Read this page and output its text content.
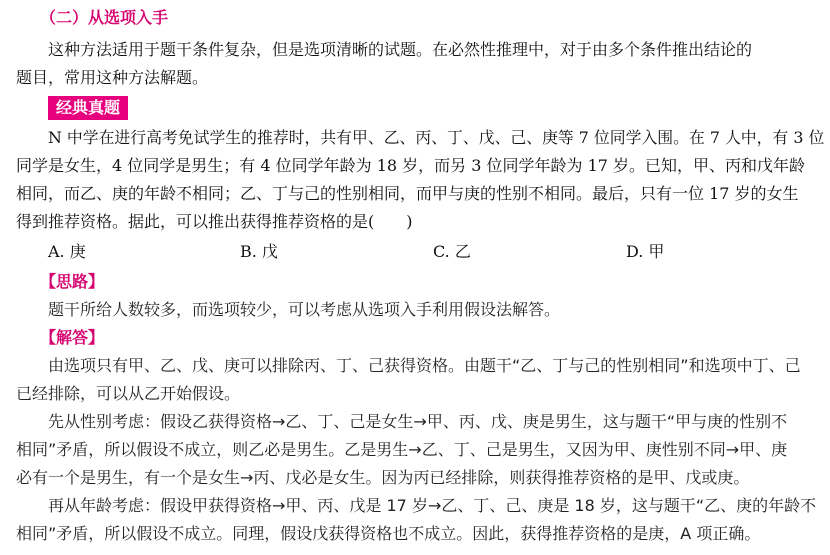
（二）从选项入手
这种方法适用于题干条件复杂，但是选项清晰的试题。在必然性推理中，对于由多个条件推出结论的
题目，常用这种方法解题。
经典真题
N 中学在进行高考免试学生的推荐时，共有甲、乙、丙、丁、戊、己、庚等 7 位同学入围。在 7 人中，有 3 位
同学是女生，4 位同学是男生；有 4 位同学年龄为 18 岁，而另 3 位同学年龄为 17 岁。已知，甲、丙和戊年龄
相同，而乙、庚的年龄不相同；乙、丁与己的性别相同，而甲与庚的性别不相同。最后，只有一位 17 岁的女生
得到推荐资格。据此，可以推出获得推荐资格的是(　　)
A. 庚	B. 戊	C. 乙	D. 甲
【思路】
题干所给人数较多，而选项较少，可以考虑从选项入手利用假设法解答。
【解答】
由选项只有甲、乙、戊、庚可以排除丙、丁、己获得资格。由题干“乙、丁与己的性别相同”和选项中丁、己
已经排除，可以从乙开始假设。
先从性别考虑：假设乙获得资格→乙、丁、己是女生→甲、丙、戊、庚是男生，这与题干“甲与庚的性别不
相同”矛盾，所以假设不成立，则乙必是男生。乙是男生→乙、丁、己是男生，又因为甲、庚性别不同→甲、庚
必有一个是男生，有一个是女生→丙、戊必是女生。因为丙已经排除，则获得推荐资格的是甲、戊或庚。
再从年龄考虑：假设甲获得资格→甲、丙、戊是 17 岁→乙、丁、己、庚是 18 岁，这与题干“乙、庚的年龄不
相同”矛盾，所以假设不成立。同理，假设戊获得资格也不成立。因此，获得推荐资格的是庚，A 项正确。
